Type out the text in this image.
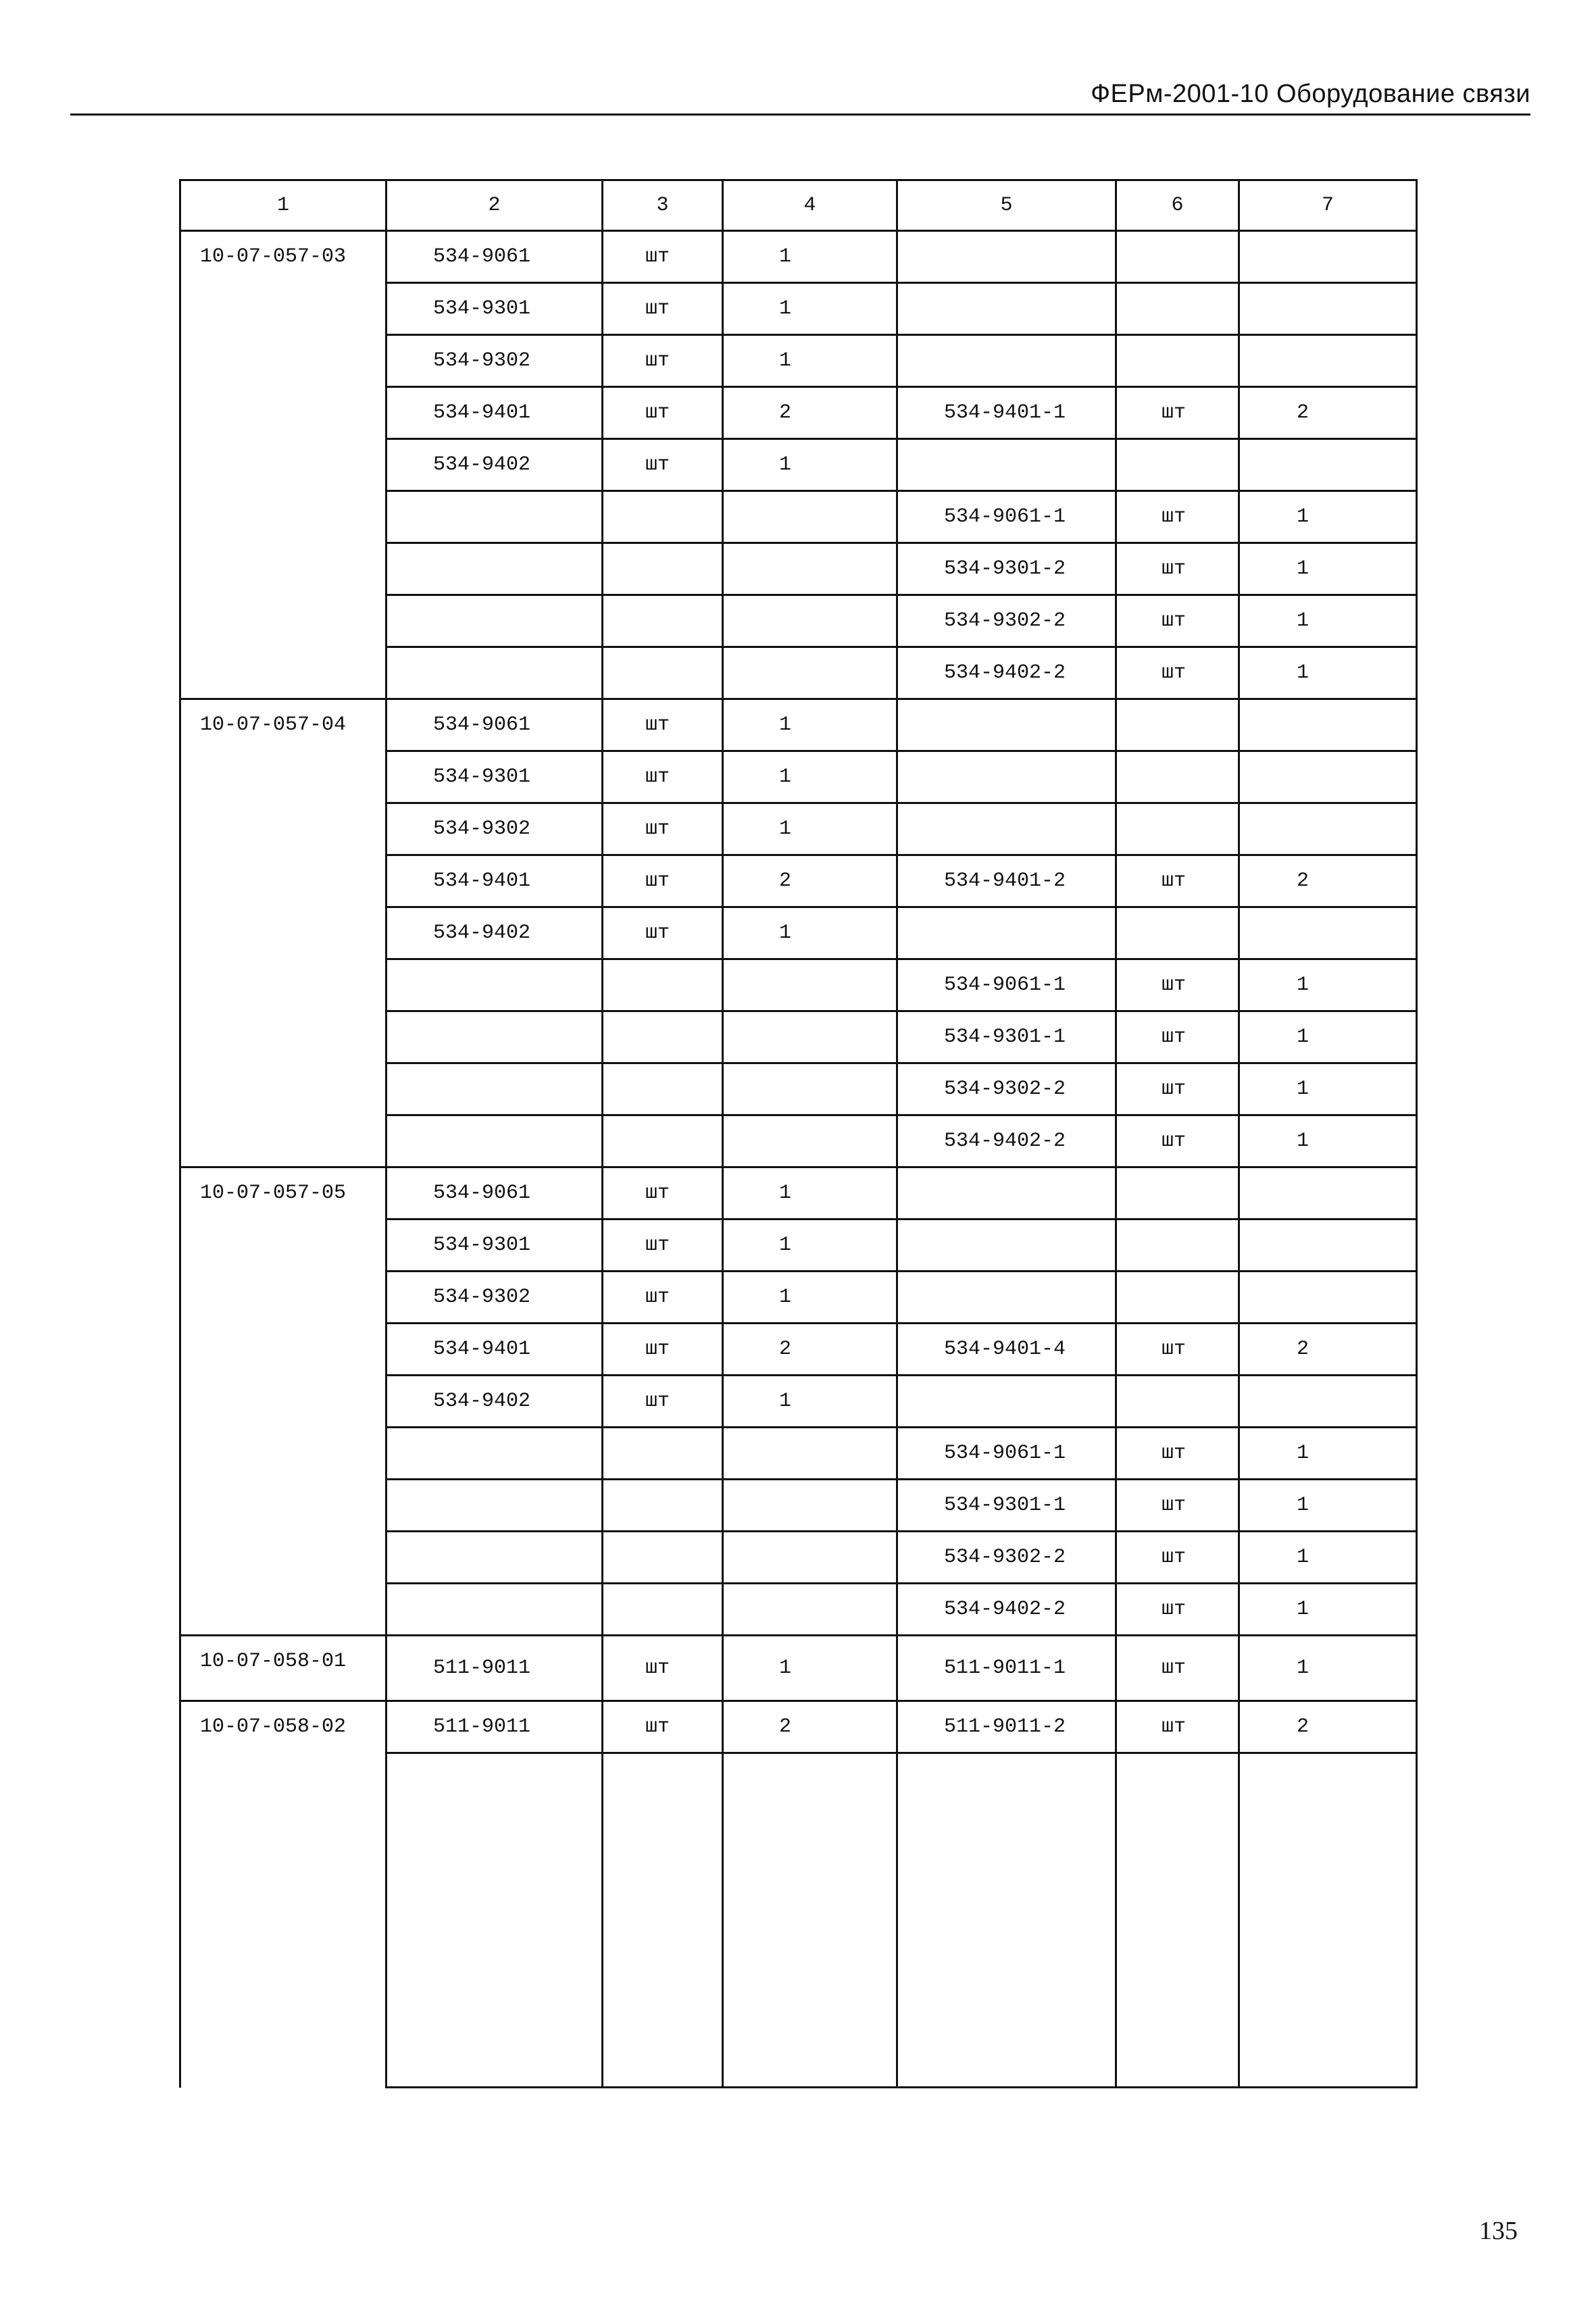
ФЕРм-2001-10 Оборудование связи
1	2	3	4	5	6	7
10-07-057-03	534-9061	шт	1			
	534-9301	шт	1			
	534-9302	шт	1			
	534-9401	шт	2	534-9401-1	шт	2
	534-9402	шт	1			
				534-9061-1	шт	1
				534-9301-2	шт	1
				534-9302-2	шт	1
				534-9402-2	шт	1
10-07-057-04	534-9061	шт	1			
	534-9301	шт	1			
	534-9302	шт	1			
	534-9401	шт	2	534-9401-2	шт	2
	534-9402	шт	1			
				534-9061-1	шт	1
				534-9301-1	шт	1
				534-9302-2	шт	1
				534-9402-2	шт	1
10-07-057-05	534-9061	шт	1			
	534-9301	шт	1			
	534-9302	шт	1			
	534-9401	шт	2	534-9401-4	шт	2
	534-9402	шт	1			
				534-9061-1	шт	1
				534-9301-1	шт	1
				534-9302-2	шт	1
				534-9402-2	шт	1
10-07-058-01	511-9011	шт	1	511-9011-1	шт	1
10-07-058-02	511-9011	шт	2	511-9011-2	шт	2

135
